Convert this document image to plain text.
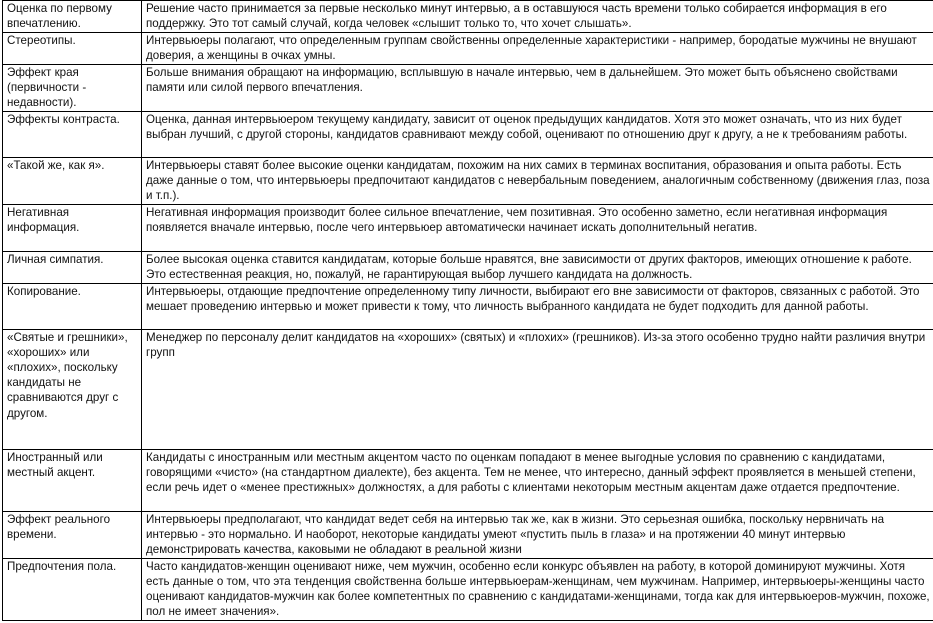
Оценка по первому впечатлению.	Решение часто принимается за первые несколько минут интервью, а в оставшуюся часть времени только собирается информация в его поддержку. Это тот самый случай, когда человек «слышит только то, что хочет слышать».
Стереотипы.	Интервьюеры полагают, что определенным группам свойственны определенные характеристики - например, бородатые мужчины не внушают доверия, а женщины в очках умны.
Эффект края (первичности - недавности).	Больше внимания обращают на информацию, всплывшую в начале интервью, чем в дальнейшем. Это может быть объяснено свойствами памяти или силой первого впечатления.
Эффекты контраста.	Оценка, данная интервьюером текущему кандидату, зависит от оценок предыдущих кандидатов. Хотя это может означать, что из них будет выбран лучший, с другой стороны, кандидатов сравнивают между собой, оценивают по отношению друг к другу, а не к требованиям работы.
«Такой же, как я».	Интервьюеры ставят более высокие оценки кандидатам, похожим на них самих в терминах воспитания, образования и опыта работы. Есть даже данные о том, что интервьюеры предпочитают кандидатов с невербальным поведением, аналогичным собственному (движения глаз, поза и т.п.).
Негативная информация.	Негативная информация производит более сильное впечатление, чем позитивная. Это особенно заметно, если негативная информация появляется вначале интервью, после чего интервьюер автоматически начинает искать дополнительный негатив.
Личная симпатия.	Более высокая оценка ставится кандидатам, которые больше нравятся, вне зависимости от других факторов, имеющих отношение к работе. Это естественная реакция, но, пожалуй, не гарантирующая выбор лучшего кандидата на должность.
Копирование.	Интервьюеры, отдающие предпочтение определенному типу личности, выбирают его вне зависимости от факторов, связанных с работой. Это мешает проведению интервью и может привести к тому, что личность выбранного кандидата не будет подходить для данной работы.
«Святые и грешники», «хороших» или «плохих», поскольку кандидаты не сравниваются друг с другом.	Менеджер по персоналу делит кандидатов на «хороших» (святых) и «плохих» (грешников). Из-за этого особенно трудно найти различия внутри групп
Иностранный или местный акцент.	Кандидаты с иностранным или местным акцентом часто по оценкам попадают в менее выгодные условия по сравнению с кандидатами, говорящими «чисто» (на стандартном диалекте), без акцента. Тем не менее, что интересно, данный эффект проявляется в меньшей степени, если речь идет о «менее престижных» должностях, а для работы с клиентами некоторым местным акцентам даже отдается предпочтение.
Эффект реального времени.	Интервьюеры предполагают, что кандидат ведет себя на интервью так же, как в жизни. Это серьезная ошибка, поскольку нервничать на интервью - это нормально. И наоборот, некоторые кандидаты умеют «пустить пыль в глаза» и на протяжении 40 минут интервью демонстрировать качества, каковыми не обладают в реальной жизни
Предпочтения пола.	Часто кандидатов-женщин оценивают ниже, чем мужчин, особенно если конкурс объявлен на работу, в которой доминируют мужчины. Хотя есть данные о том, что эта тенденция свойственна больше интервьюерам-женщинам, чем мужчинам. Например, интервьюеры-женщины часто оценивают кандидатов-мужчин как более компетентных по сравнению с кандидатами-женщинами, тогда как для интервьюеров-мужчин, похоже, пол не имеет значения».
